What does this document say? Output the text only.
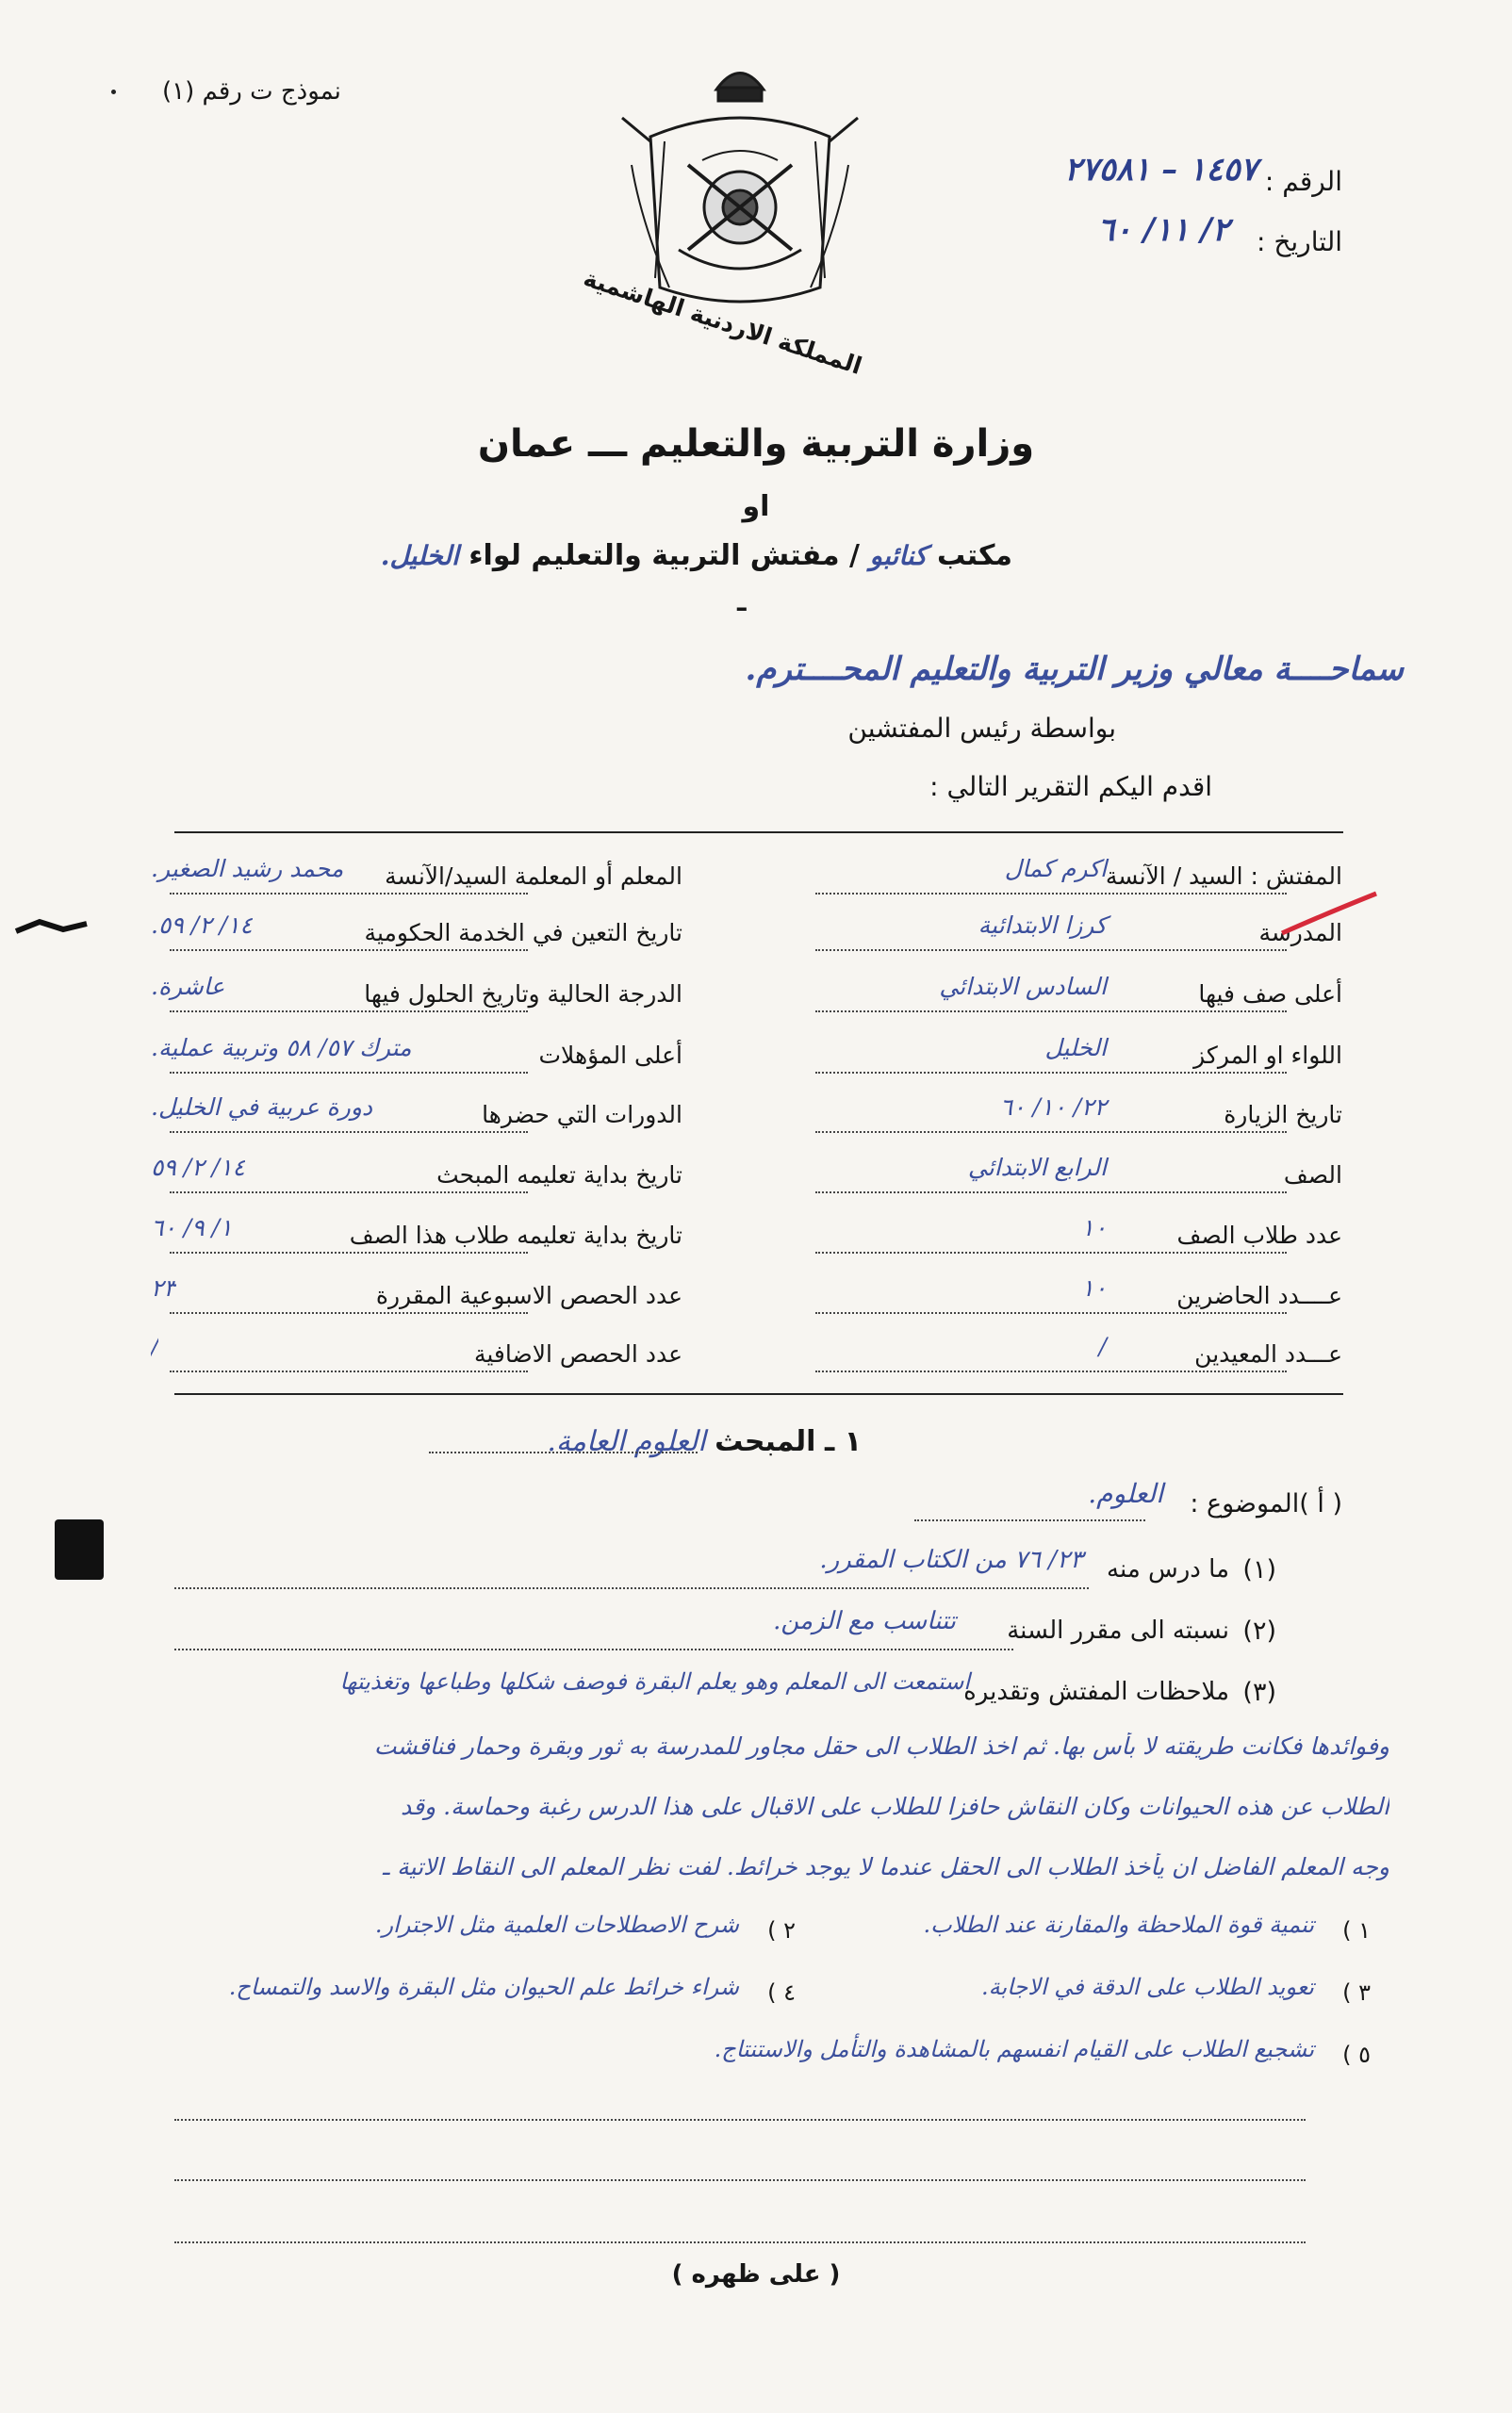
نموذج ت رقم (١)
المملكة الاردنية الهاشمية
الرقم :
١٤٥٧ – ٢٧٥٨١
التاريخ :
٢/ ١١/ ٦٠
وزارة التربية والتعليم ـــ عمان
او
مكتب كنائبو / مفتش التربية والتعليم لواء الخليل.
ـ
سماحــــة معالي وزير التربية والتعليم المحــــترم.
بواسطة رئيس المفتشين
اقدم اليكم التقرير التالي :
المعلم أو المعلمة السيد/الآنسة
محمد رشيد الصغير.
تاريخ التعين في الخدمة الحكومية
١٤/ ٢/ ٥٩.
الدرجة الحالية وتاريخ الحلول فيها
عاشرة.
أعلى المؤهلات
مترك ٥٧/ ٥٨ وتربية عملية.
الدورات التي حضرها
دورة عربية في الخليل.
تاريخ بداية تعليمه المبحث
١٤/ ٢/ ٥٩
تاريخ بداية تعليمه طلاب هذا الصف
١/ ٩/ ٦٠
عدد الحصص الاسبوعية المقررة
٢٣
عدد الحصص الاضافية
/
المفتش : السيد / الآنسة
اكرم كمال
المدرسة
كرزا الابتدائية
أعلى صف فيها
السادس الابتدائي
اللواء او المركز
الخليل
تاريخ الزيارة
٢٢/ ١٠/ ٦٠
الصف
الرابع الابتدائي
عدد طلاب الصف
١٠
عــــدد الحاضرين
١٠
عـــدد المعيدين
/
١ ـ المبحث العلوم العامة.
( أ )الموضوع :
العلوم.
(١)
ما درس منه
٢٣/ ٧٦ من الكتاب المقرر.
(٢)
نسبته الى مقرر السنة
تتناسب مع الزمن.
(٣)
ملاحظات المفتش وتقديره
استمعت الى المعلم وهو يعلم البقرة فوصف شكلها وطباعها وتغذيتها
وفوائدها فكانت طريقته لا بأس بها. ثم اخذ الطلاب الى حقل مجاور للمدرسة به ثور وبقرة وحمار فناقشت
الطلاب عن هذه الحيوانات وكان النقاش حافزا للطلاب على الاقبال على هذا الدرس رغبة وحماسة. وقد
وجه المعلم الفاضل ان يأخذ الطلاب الى الحقل عندما لا يوجد خرائط. لفت نظر المعلم الى النقاط الاتية ـ
١ )
تنمية قوة الملاحظة والمقارنة عند الطلاب.
٢ )
شرح الاصطلاحات العلمية مثل الاجترار.
٣ )
تعويد الطلاب على الدقة في الاجابة.
٤ )
شراء خرائط علم الحيوان مثل البقرة والاسد والتمساح.
٥ )
تشجيع الطلاب على القيام انفسهم بالمشاهدة والتأمل والاستنتاج.
( على ظهره )
